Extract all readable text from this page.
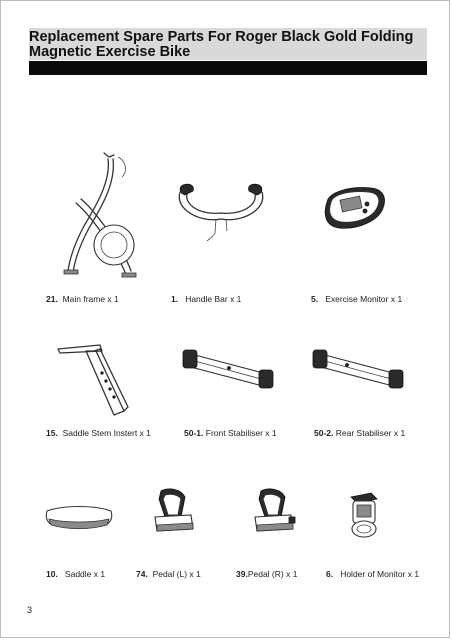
Replacement Spare Parts For Roger Black Gold Folding
Magnetic Exercise Bike
21. Main frame x 1	1. Handle Bar x 1	5. Exercise Monitor x 1
15. Saddle Stem Instert x 1	50-1. Front Stabiliser x 1	50-2. Rear Stabiliser x 1
10. Saddle x 1	74. Pedal (L) x 1	39.Pedal (R) x 1	6. Holder of Monitor x 1
3
